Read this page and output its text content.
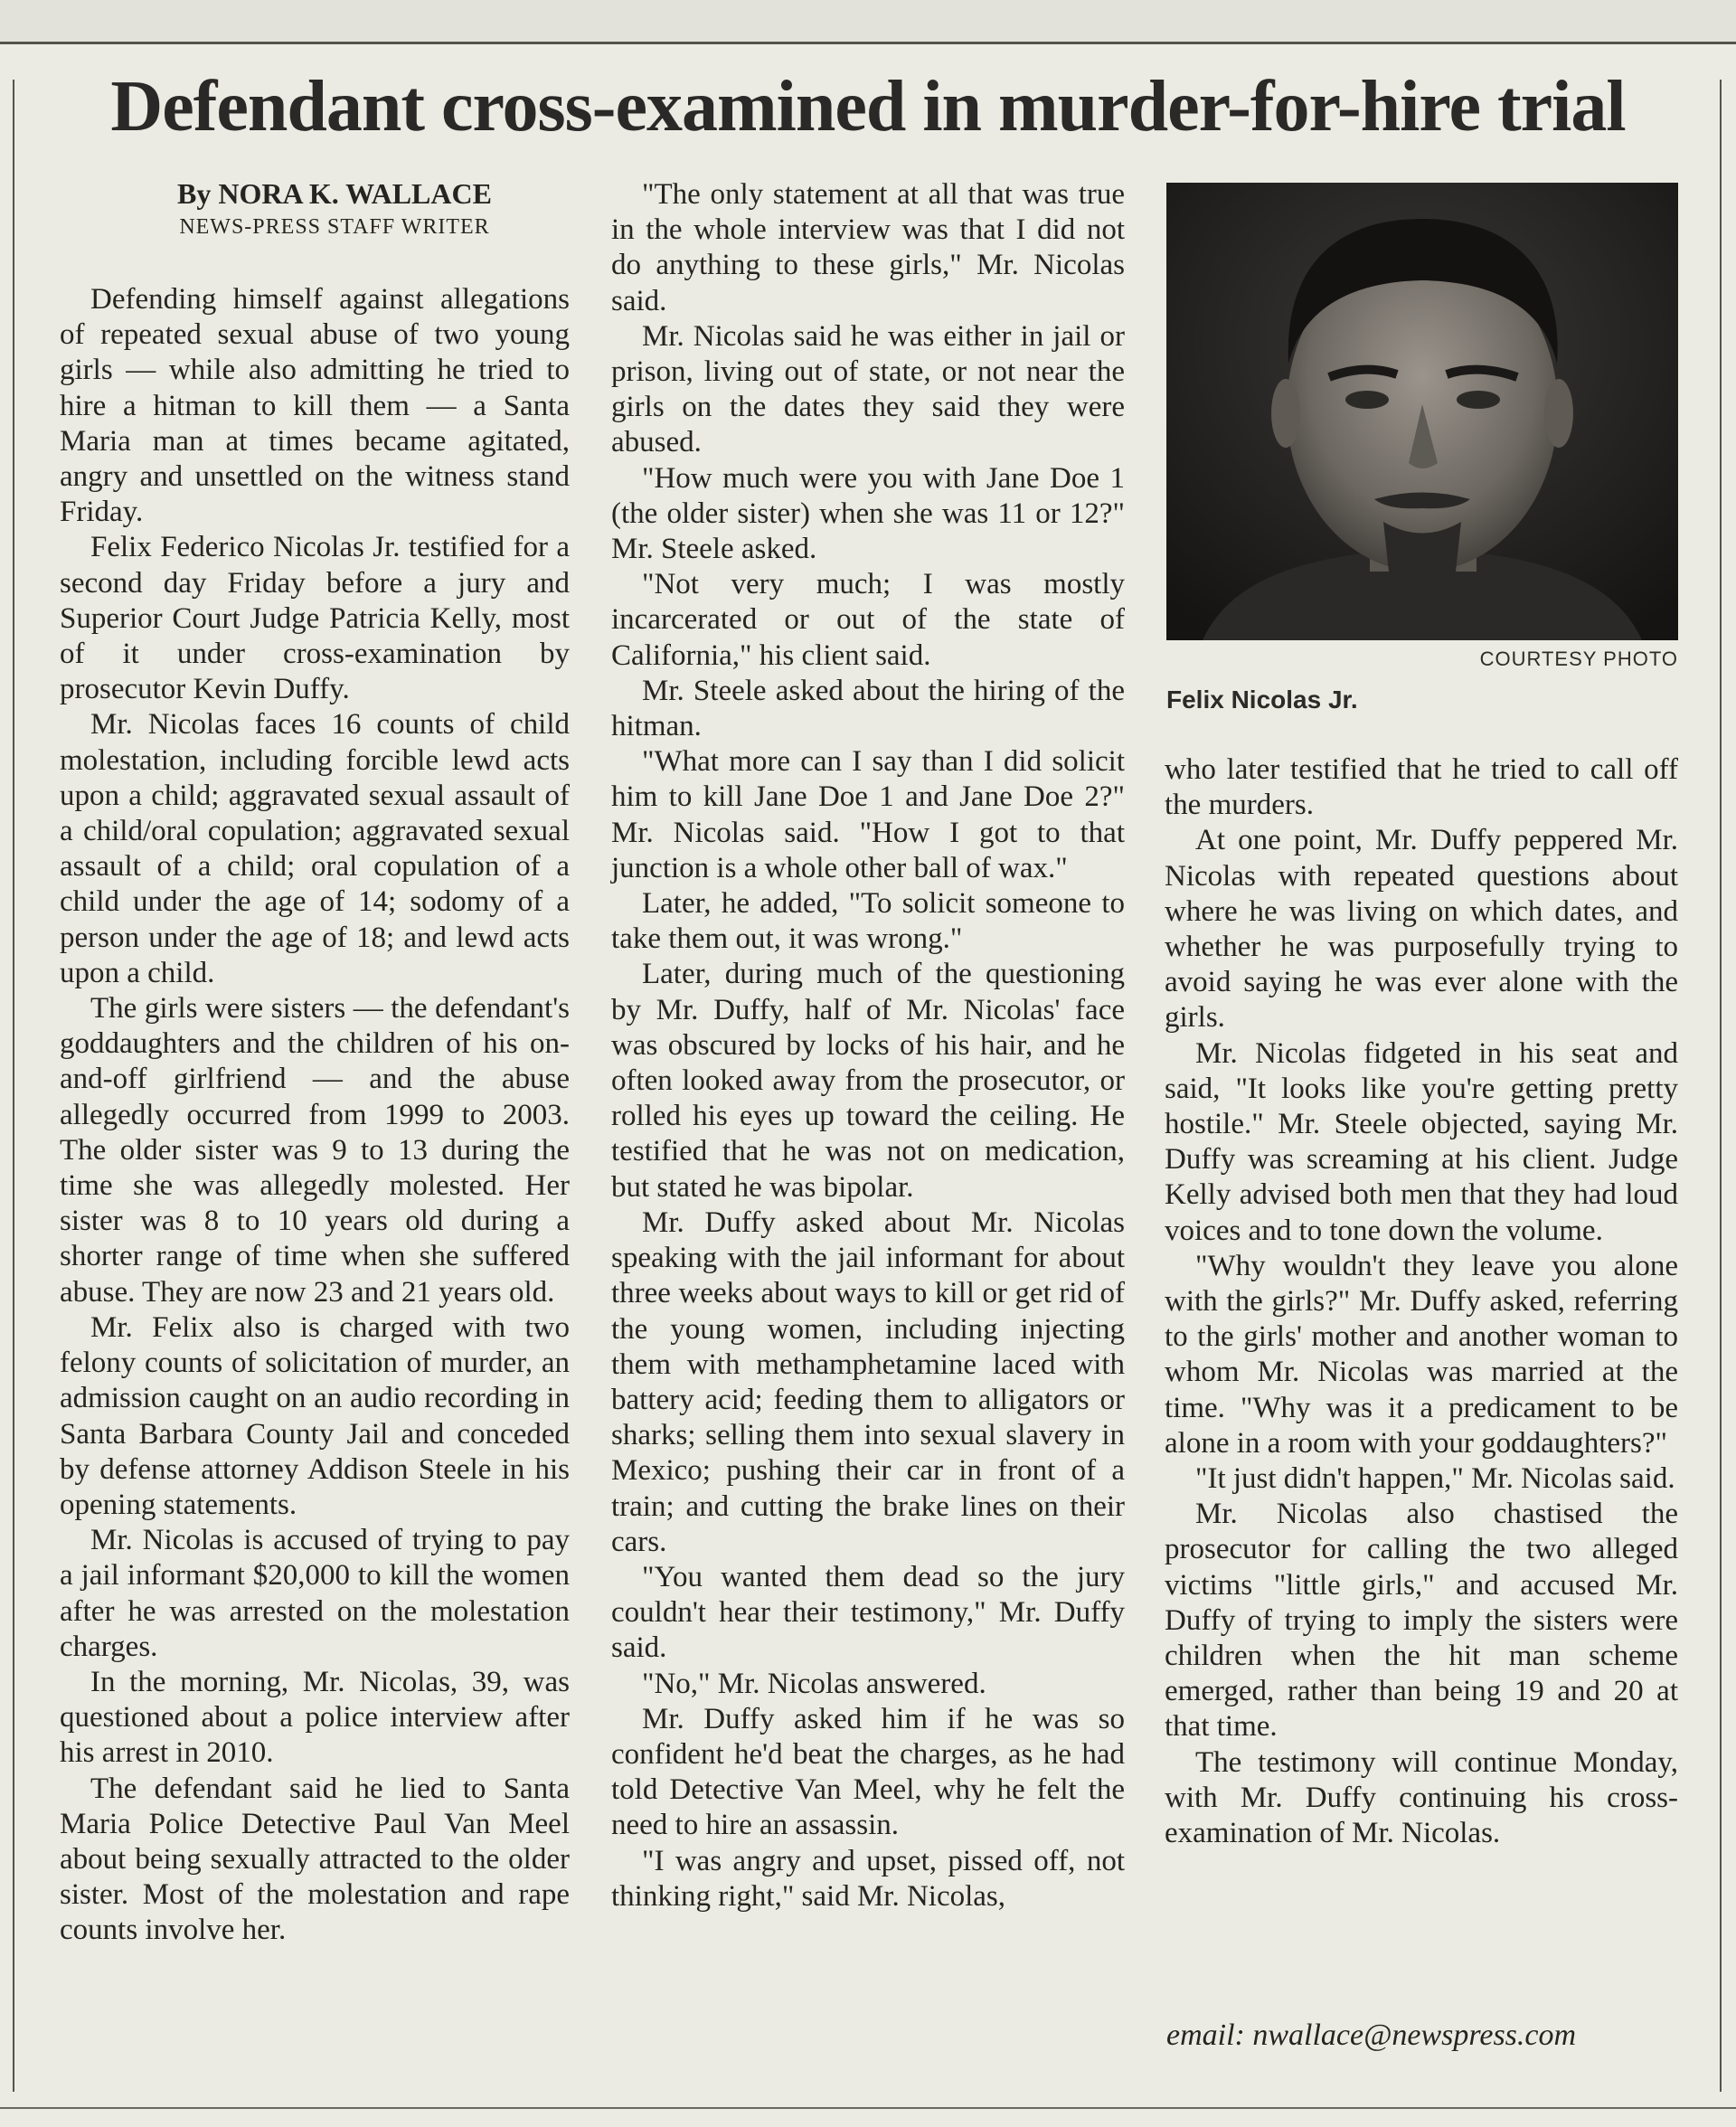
Defendant cross-examined in murder-for-hire trial
By NORA K. WALLACE
NEWS-PRESS STAFF WRITER

Defending himself against allegations of repeated sexual abuse of two young girls — while also admitting he tried to hire a hitman to kill them — a Santa Maria man at times became agitated, angry and unsettled on the witness stand Friday.

Felix Federico Nicolas Jr. testified for a second day Friday before a jury and Superior Court Judge Patricia Kelly, most of it under cross-examination by prosecutor Kevin Duffy.

Mr. Nicolas faces 16 counts of child molestation, including forcible lewd acts upon a child; aggravated sexual assault of a child/oral copulation; aggravated sexual assault of a child; oral copulation of a child under the age of 14; sodomy of a person under the age of 18; and lewd acts upon a child.

The girls were sisters — the defendant's goddaughters and the children of his on-and-off girlfriend — and the abuse allegedly occurred from 1999 to 2003. The older sister was 9 to 13 during the time she was allegedly molested. Her sister was 8 to 10 years old during a shorter range of time when she suffered abuse. They are now 23 and 21 years old.

Mr. Felix also is charged with two felony counts of solicitation of murder, an admission caught on an audio recording in Santa Barbara County Jail and conceded by defense attorney Addison Steele in his opening statements.

Mr. Nicolas is accused of trying to pay a jail informant $20,000 to kill the women after he was arrested on the molestation charges.

In the morning, Mr. Nicolas, 39, was questioned about a police interview after his arrest in 2010.

The defendant said he lied to Santa Maria Police Detective Paul Van Meel about being sexually attracted to the older sister. Most of the molestation and rape counts involve her.

"The only statement at all that was true in the whole interview was that I did not do anything to these girls," Mr. Nicolas said.

Mr. Nicolas said he was either in jail or prison, living out of state, or not near the girls on the dates they said they were abused.

"How much were you with Jane Doe 1 (the older sister) when she was 11 or 12?" Mr. Steele asked.

"Not very much; I was mostly incarcerated or out of the state of California," his client said.

Mr. Steele asked about the hiring of the hitman.

"What more can I say than I did solicit him to kill Jane Doe 1 and Jane Doe 2?" Mr. Nicolas said. "How I got to that junction is a whole other ball of wax."

Later, he added, "To solicit someone to take them out, it was wrong."

Later, during much of the questioning by Mr. Duffy, half of Mr. Nicolas' face was obscured by locks of his hair, and he often looked away from the prosecutor, or rolled his eyes up toward the ceiling. He testified that he was not on medication, but stated he was bipolar.

Mr. Duffy asked about Mr. Nicolas speaking with the jail informant for about three weeks about ways to kill or get rid of the young women, including injecting them with methamphetamine laced with battery acid; feeding them to alligators or sharks; selling them into sexual slavery in Mexico; pushing their car in front of a train; and cutting the brake lines on their cars.

"You wanted them dead so the jury couldn't hear their testimony," Mr. Duffy said.

"No," Mr. Nicolas answered.

Mr. Duffy asked him if he was so confident he'd beat the charges, as he had told Detective Van Meel, why he felt the need to hire an assassin.

"I was angry and upset, pissed off, not thinking right," said Mr. Nicolas,

COURTESY PHOTO
Felix Nicolas Jr.

who later testified that he tried to call off the murders.

At one point, Mr. Duffy peppered Mr. Nicolas with repeated questions about where he was living on which dates, and whether he was purposefully trying to avoid saying he was ever alone with the girls.

Mr. Nicolas fidgeted in his seat and said, "It looks like you're getting pretty hostile." Mr. Steele objected, saying Mr. Duffy was screaming at his client. Judge Kelly advised both men that they had loud voices and to tone down the volume.

"Why wouldn't they leave you alone with the girls?" Mr. Duffy asked, referring to the girls' mother and another woman to whom Mr. Nicolas was married at the time. "Why was it a predicament to be alone in a room with your goddaughters?"

"It just didn't happen," Mr. Nicolas said.

Mr. Nicolas also chastised the prosecutor for calling the two alleged victims "little girls," and accused Mr. Duffy of trying to imply the sisters were children when the hit man scheme emerged, rather than being 19 and 20 at that time.

The testimony will continue Monday, with Mr. Duffy continuing his cross-examination of Mr. Nicolas.

email: nwallace@newspress.com
